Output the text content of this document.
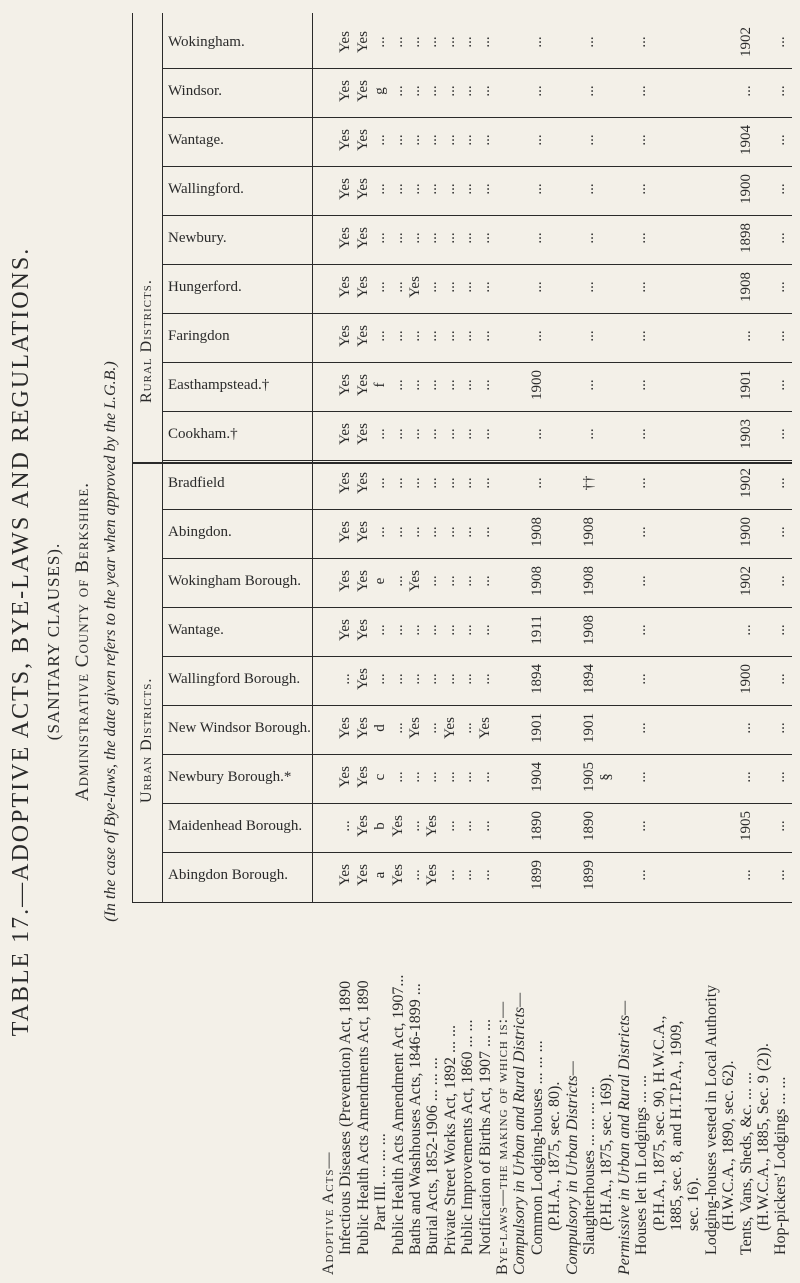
TABLE 17.—ADOPTIVE ACTS, BYE-LAWS AND REGULATIONS. (SANITARY CLAUSES). Administrative County of Berkshire. (In the case of Bye-laws, the date given refers to the year when approved by the L.G.B.) Urban Districts.
Rural Districts.
Abingdon Borough.
Maidenhead Borough.
Newbury Borough.*
New Windsor Borough.
Wallingford Borough.
Wantage.
Wokingham Borough.
Abingdon.
Bradfield
Cookham.†
Easthampstead.†
Faringdon
Hungerford.
Newbury.
Wallingford.
Wantage.
Windsor.
Wokingham.
Adoptive Acts— Infectious Diseases (Prevention) Act, 1890
Yes
...
Yes
Yes
...
Yes
Yes
Yes
Yes
Yes
Yes
Yes
Yes
Yes
Yes
Yes
Yes
Yes
Public Health Acts Amendments Act, 1890
Yes
Yes
Yes
Yes
Yes
Yes
Yes
Yes
Yes
Yes
Yes
Yes
Yes
Yes
Yes
Yes
Yes
Yes
Part III. ... ... ...
a
b
c
d
...
...
e
...
...
...
f
...
...
...
...
...
g
...
Public Health Acts Amendment Act, 1907...
Yes
Yes
...
...
...
...
...
...
...
...
...
...
...
...
...
...
...
...
Baths and Washhouses Acts, 1846-1899 ...
...
...
...
Yes
...
...
Yes
...
...
...
...
...
Yes
...
...
...
...
...
Burial Acts, 1852-1906 ... ... ...
Yes
Yes
...
...
...
...
...
...
...
...
...
...
...
...
...
...
...
...
Private Street Works Act, 1892 ... ...
...
...
...
Yes
...
...
...
...
...
...
...
...
...
...
...
...
...
...
Public Improvements Act, 1860 ... ...
...
...
...
...
...
...
...
...
...
...
...
...
...
...
...
...
...
...
Notification of Births Act, 1907 ... ...
...
...
...
Yes
...
...
...
...
...
...
...
...
...
...
...
...
...
...
Bye-laws—the making of which is:— Compulsory in Urban and Rural Districts— Common Lodging-houses ... ... ...
1899
1890
1904
1901
1894
1911
1908
1908
...
...
1900
...
...
...
...
...
...
...
(P.H.A., 1875, sec. 80). Compulsory in Urban Districts— Slaughterhouses ... ... ... ...
1899
1890
1905
1901
1894
1908
1908
1908
††
...
...
...
...
...
...
...
...
...
(P.H.A., 1875, sec. 169).
§
Permissive in Urban and Rural Districts— Houses let in Lodgings ... ...
...
...
...
...
...
...
...
...
...
...
...
...
...
...
...
...
...
...
(P.H.A., 1875, sec. 90, H.W.C.A., 1885, sec. 8, and H.T.P.A., 1909, sec. 16). Lodging-houses vested in Local Authority (H.W.C.A., 1890, sec. 62). Tents, Vans, Sheds, &c. ... ...
...
1905
...
...
1900
...
1902
1900
1902
1903
1901
...
1908
1898
1900
1904
...
1902
(H.W.C.A., 1885, Sec. 9 (2)). Hop-pickers' Lodgings ... ...
...
...
...
...
...
...
...
...
...
...
...
...
...
...
...
...
...
...
